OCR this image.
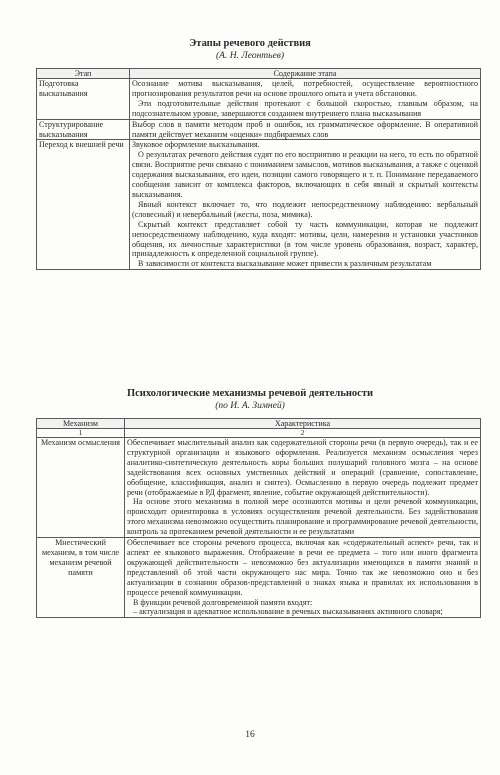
Этапы речевого действия
(А. Н. Леонтьев)
Этап	Содержание этапа
Подготовка высказывания	Осознание мотива высказывания, целей, потребностей, осуществление вероятностного прогнозирования результатов речи на основе прошлого опыта и учета обстановки.

Эти подготовительные действия протекают с большой скоростью, главным образом, на подсознательном уровне, завершаются созданием внутреннего плана высказывания

Структурирование высказывания	Выбор слов в памяти методом проб и ошибок, их грамматическое оформление. В оперативной памяти действует механизм «оценки» подбираемых слов

Переход к внешней речи	Звуковое оформление высказывания.

О результатах речевого действия судят по его восприятию и реакции на него, то есть по обратной связи. Восприятие речи связано с пониманием замыслов, мотивов высказывания, а также с оценкой содержания высказывания, его идеи, позиции самого говорящего и т. п. Понимание передаваемого сообщения зависит от комплекса факторов, включающих в себя явный и скрытый контексты высказывания.

Явный контекст включает то, что подлежит непосредственному наблюдению: вербальный (словесный) и невербальный (жесты, поза, мимика).

Скрытый контекст представляет собой ту часть коммуникации, которая не подлежит непосредственному наблюдению, куда входят: мотивы, цели, намерения и установки участников общения, их личностные характеристики (в том числе уровень образования, возраст, характер, принадлежность к определенной социальной группе).

В зависимости от контекста высказывание может привести к различным результатам

Психологические механизмы речевой деятельности
(по И. А. Зимней)
Механизм	Характеристика
1	2
Механизм осмысления	Обеспечивает мыслительный анализ как содержательной стороны речи (в первую очередь), так и ее структурной организации и языкового оформления. Реализуется механизм осмысления через аналитико-синтетическую деятельность коры больших полушарий головного мозга – на основе задействования всех основных умственных действий и операций (сравнение, сопоставление, обобщение, классификация, анализ и синтез). Осмысленню в первую очередь подлежит предмет речи (отображаемые в РД фрагмент, явление, событие окружающей действительности).

На основе этого механизма в полной мере осознаются мотивы и цели речевой коммуникации, происходит ориентировка в условиях осуществления речевой деятельности. Без задействования этого механизма невозможно осуществить планирование и программирование речевой деятельности, контроль за протеканием речевой деятельности и ее результатами

Мнестический механизм, в том числе механизм речевой памяти	Обеспечивает все стороны речевого процесса, включая как «содержательный аспект» речи, так и аспект ее языкового выражения. Отображение в речи ее предмета – того или иного фрагмента окружающей действительности – невозможно без актуализации имеющихся в памяти знаний и представлений об этой части окружающего нас мира. Точно так же невозможно оно и без актуализации в сознании образов-представлений о знаках языка и правилах их использования в процессе речевой коммуникации.

В функции речевой долговременной памяти входят:

– актуализация и адекватное использование в речевых высказываниях активного словаря;

16
